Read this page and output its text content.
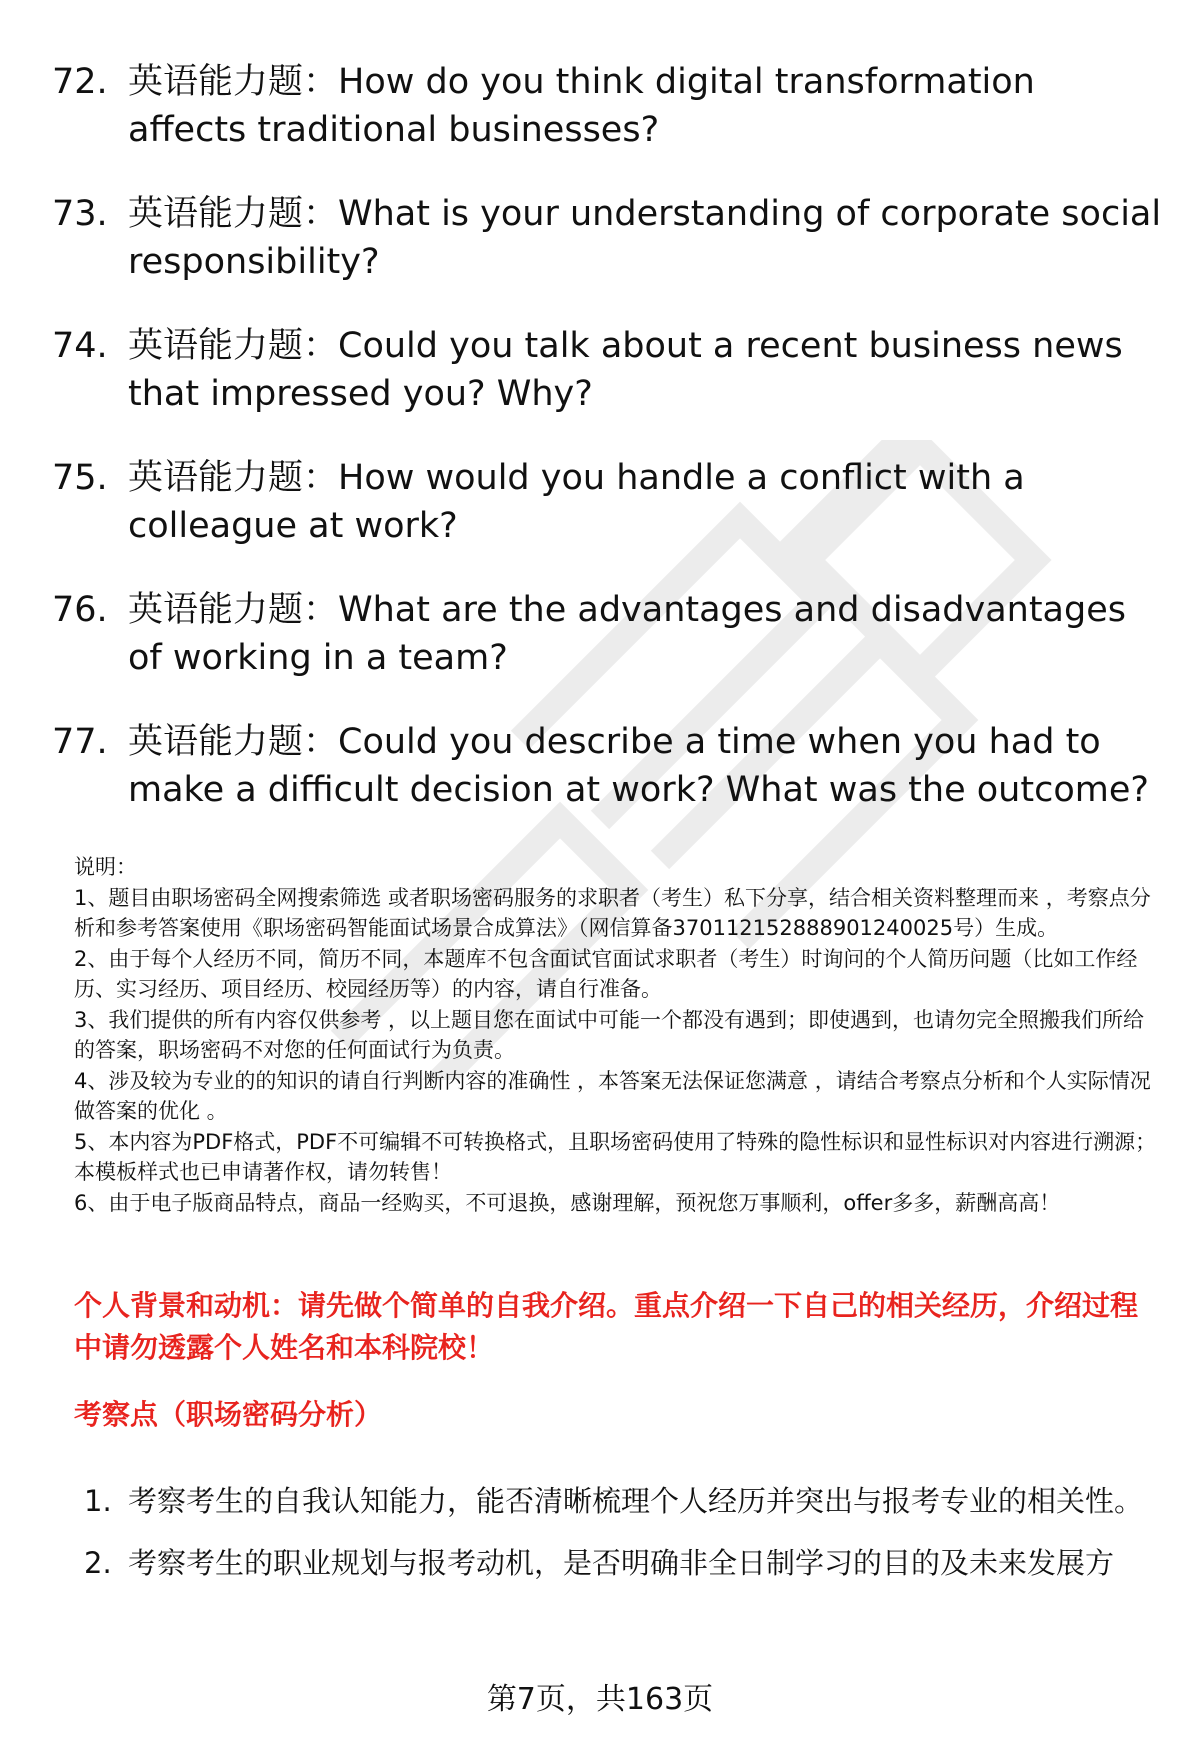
72. 英语能力题：How do you think digital transformation affects traditional businesses?
73. 英语能力题：What is your understanding of corporate social responsibility?
74. 英语能力题：Could you talk about a recent business news that impressed you? Why?
75. 英语能力题：How would you handle a conflict with a colleague at work?
76. 英语能力题：What are the advantages and disadvantages of working in a team?
77. 英语能力题：Could you describe a time when you had to make a difficult decision at work? What was the outcome?

说明：

1、题目由职场密码全网搜索筛选 或者职场密码服务的求职者（考生）私下分享，结合相关资料整理而来 ，考察点分析和参考答案使用《职场密码智能面试场景合成算法》（网信算备370112152888901240025号）生成。

2、由于每个人经历不同，简历不同，本题库不包含面试官面试求职者（考生）时询问的个人简历问题（比如工作经历、实习经历、项目经历、校园经历等）的内容，请自行准备。

3、我们提供的所有内容仅供参考 ，以上题目您在面试中可能一个都没有遇到；即使遇到，也请勿完全照搬我们所给的答案，职场密码不对您的任何面试行为负责。

4、涉及较为专业的的知识的请自行判断内容的准确性 ，本答案无法保证您满意 ，请结合考察点分析和个人实际情况做答案的优化 。

5、本内容为PDF格式，PDF不可编辑不可转换格式，且职场密码使用了特殊的隐性标识和显性标识对内容进行溯源；本模板样式也已申请著作权，请勿转售！

6、由于电子版商品特点，商品一经购买，不可退换，感谢理解，预祝您万事顺利，offer多多，薪酬高高！

个人背景和动机：请先做个简单的自我介绍。重点介绍一下自己的相关经历，介绍过程中请勿透露个人姓名和本科院校！
考察点（职场密码分析）
1. 考察考生的自我认知能力，能否清晰梳理个人经历并突出与报考专业的相关性。
2. 考察考生的职业规划与报考动机，是否明确非全日制学习的目的及未来发展方
第7页，共163页
